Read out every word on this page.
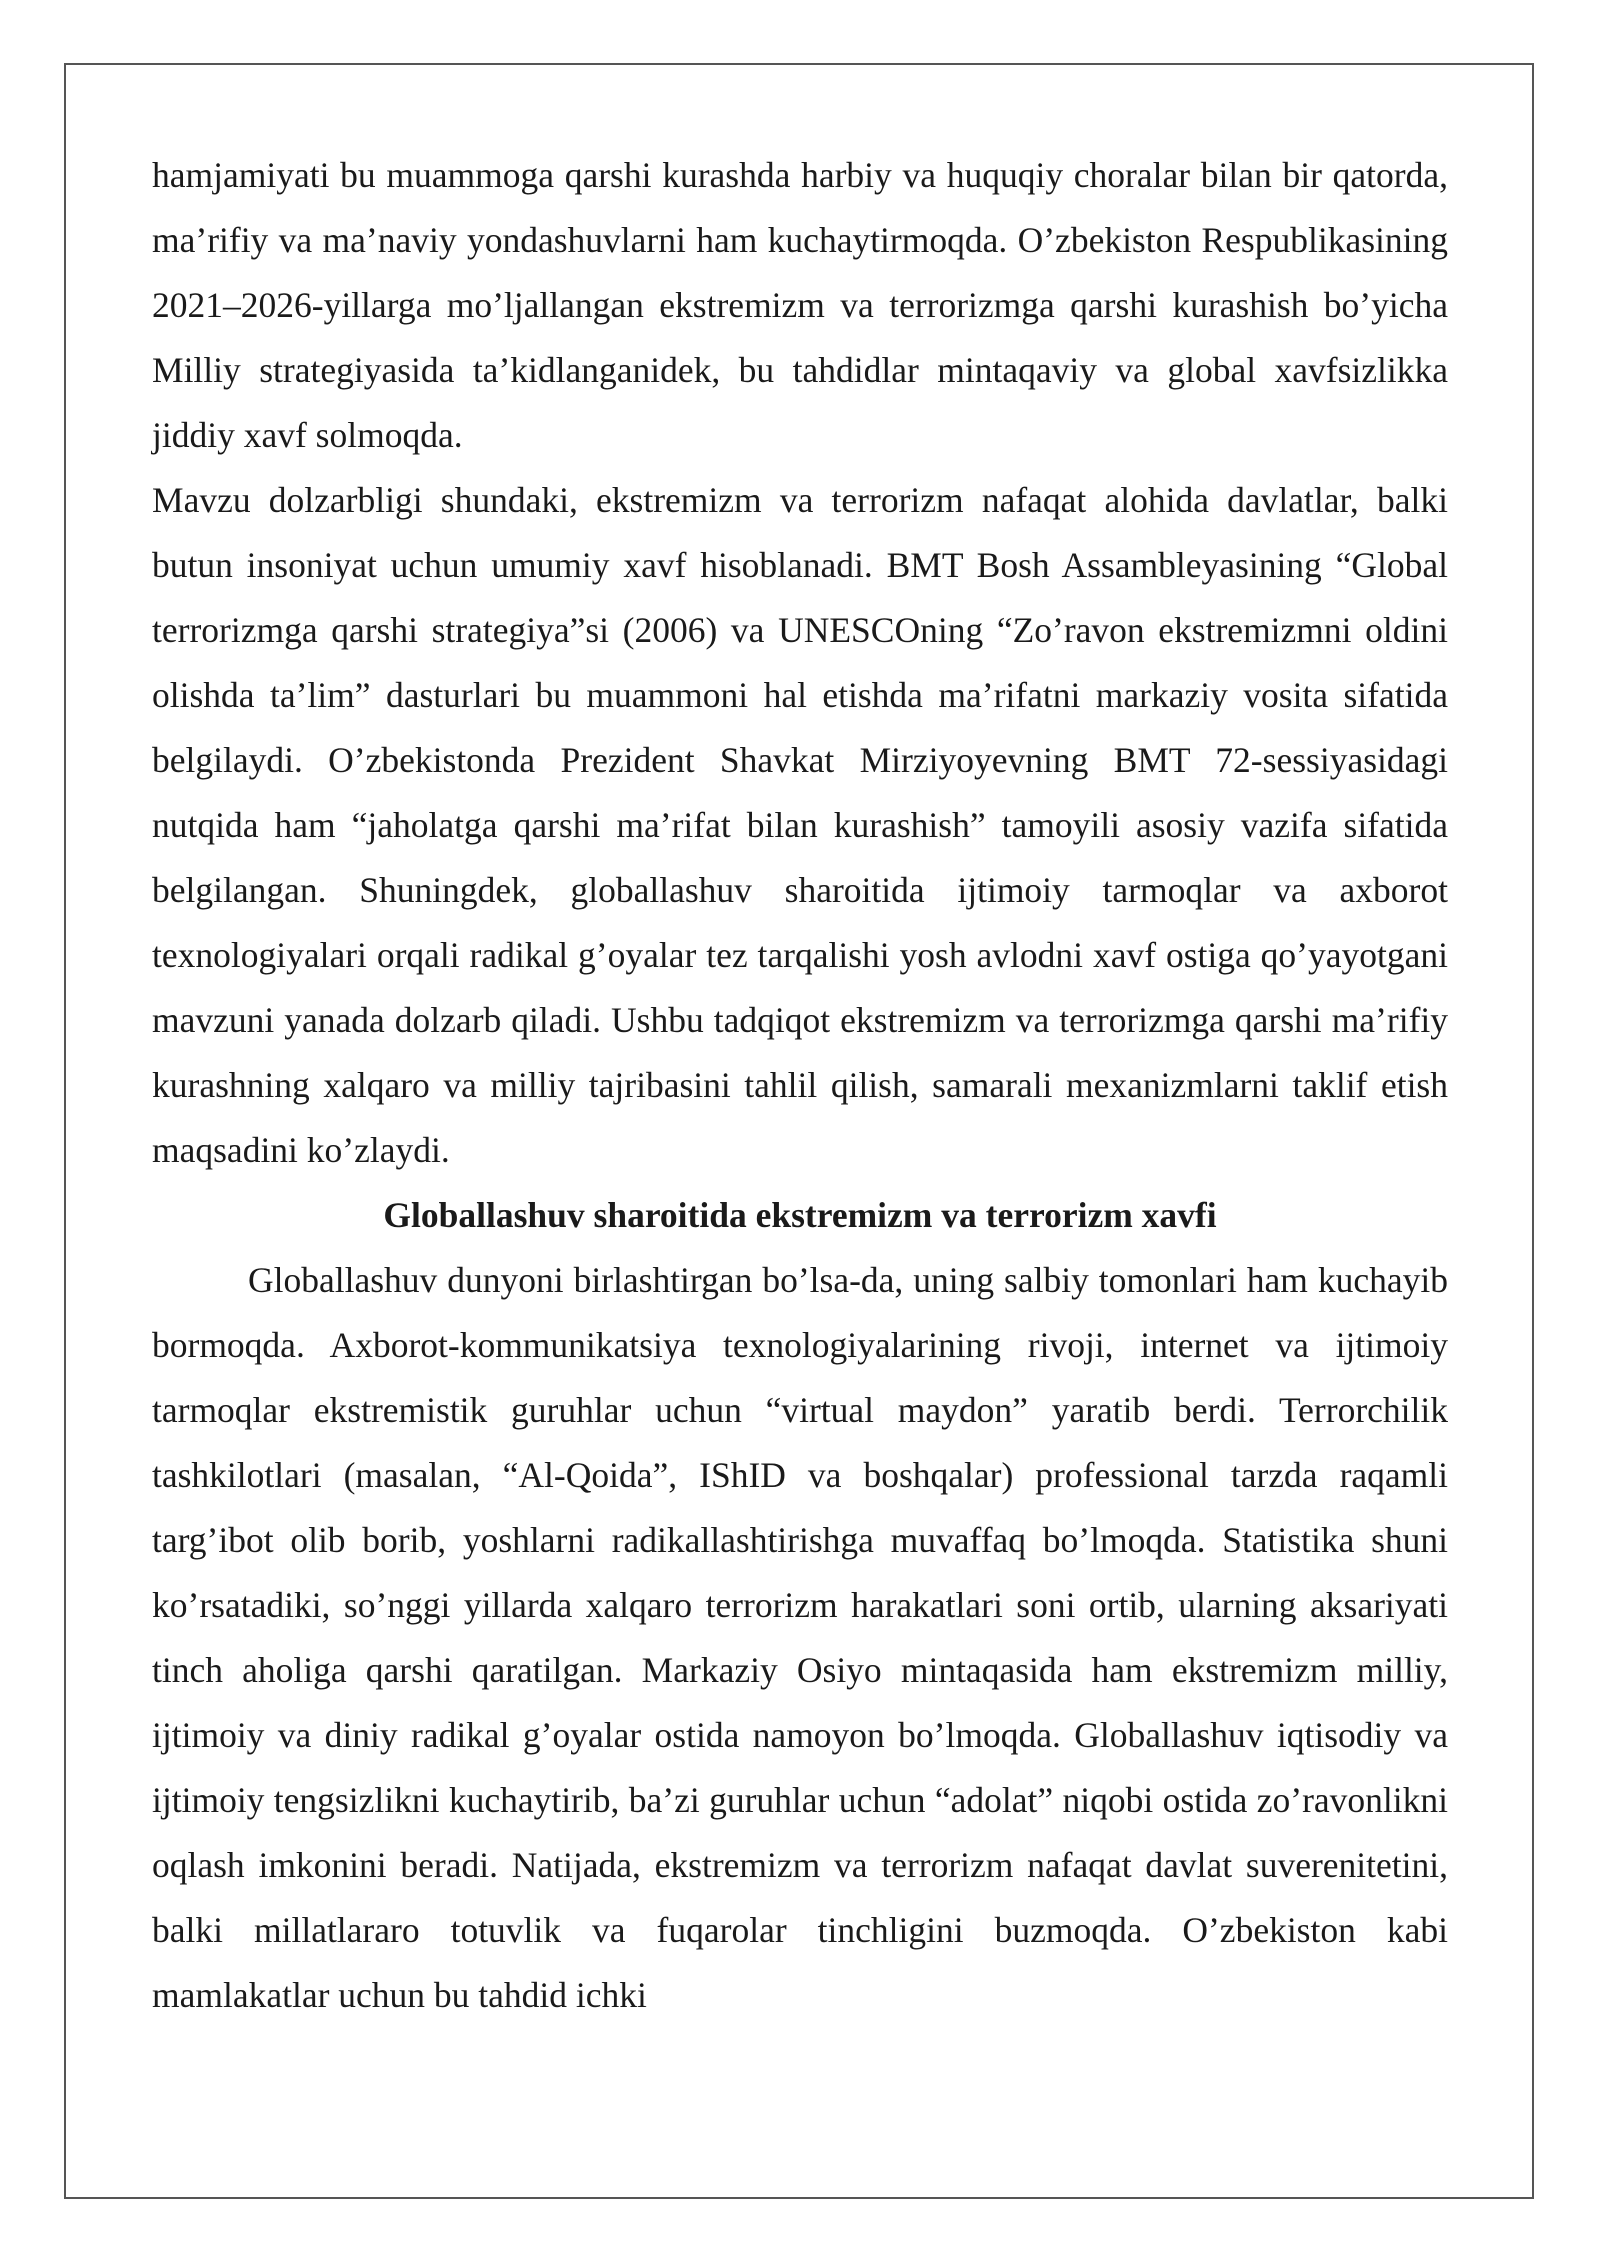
hamjamiyati bu muammoga qarshi kurashda harbiy va huquqiy choralar bilan bir qatorda, ma’rifiy va ma’naviy yondashuvlarni ham kuchaytirmoqda. O’zbekiston Respublikasining 2021–2026-yillarga mo’ljallangan ekstremizm va terrorizmga qarshi kurashish bo’yicha Milliy strategiyasida ta’kidlanganidek, bu tahdidlar mintaqaviy va global xavfsizlikka jiddiy xavf solmoqda.

Mavzu dolzarbligi shundaki, ekstremizm va terrorizm nafaqat alohida davlatlar, balki butun insoniyat uchun umumiy xavf hisoblanadi. BMT Bosh Assambleyasining “Global terrorizmga qarshi strategiya”si (2006) va UNESCOning “Zo’ravon ekstremizmni oldini olishda ta’lim” dasturlari bu muammoni hal etishda ma’rifatni markaziy vosita sifatida belgilaydi. O’zbekistonda Prezident Shavkat Mirziyoyevning BMT 72-sessiyasidagi nutqida ham “jaholatga qarshi ma’rifat bilan kurashish” tamoyili asosiy vazifa sifatida belgilangan. Shuningdek, globallashuv sharoitida ijtimoiy tarmoqlar va axborot texnologiyalari orqali radikal g’oyalar tez tarqalishi yosh avlodni xavf ostiga qo’yayotgani mavzuni yanada dolzarb qiladi. Ushbu tadqiqot ekstremizm va terrorizmga qarshi ma’rifiy kurashning xalqaro va milliy tajribasini tahlil qilish, samarali mexanizmlarni taklif etish maqsadini ko’zlaydi.

Globallashuv sharoitida ekstremizm va terrorizm xavfi

Globallashuv dunyoni birlashtirgan bo’lsa-da, uning salbiy tomonlari ham kuchayib bormoqda. Axborot-kommunikatsiya texnologiyalarining rivoji, internet va ijtimoiy tarmoqlar ekstremistik guruhlar uchun “virtual maydon” yaratib berdi. Terrorchilik tashkilotlari (masalan, “Al-Qoida”, IShID va boshqalar) professional tarzda raqamli targ’ibot olib borib, yoshlarni radikallashtirishga muvaffaq bo’lmoqda. Statistika shuni ko’rsatadiki, so’nggi yillarda xalqaro terrorizm harakatlari soni ortib, ularning aksariyati tinch aholiga qarshi qaratilgan. Markaziy Osiyo mintaqasida ham ekstremizm milliy, ijtimoiy va diniy radikal g’oyalar ostida namoyon bo’lmoqda. Globallashuv iqtisodiy va ijtimoiy tengsizlikni kuchaytirib, ba’zi guruhlar uchun “adolat” niqobi ostida zo’ravonlikni oqlash imkonini beradi. Natijada, ekstremizm va terrorizm nafaqat davlat suverenitetini, balki millatlararo totuvlik va fuqarolar tinchligini buzmoqda. O’zbekiston kabi mamlakatlar uchun bu tahdid ichki
